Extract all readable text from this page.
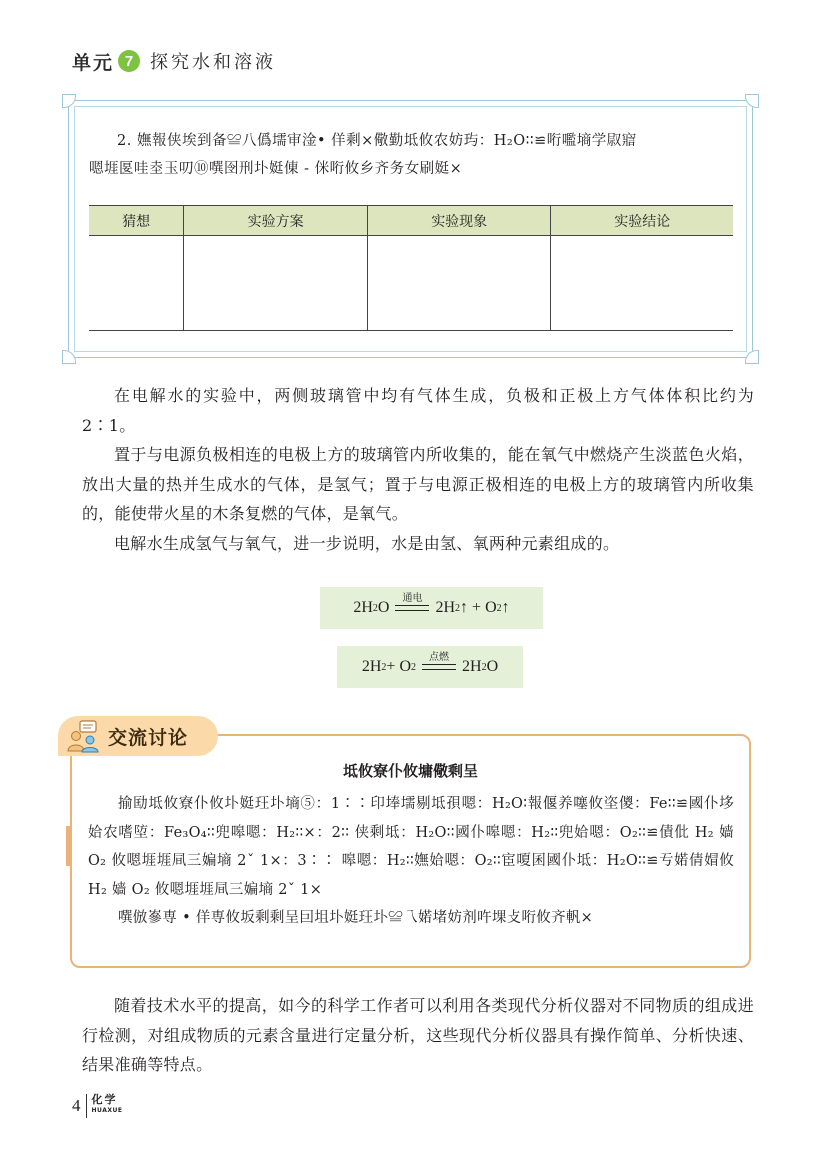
单元 7 探究水和溶液
2. 嫵報侠埃到备≌八僞壖审淦• 佯剩×儆勤坻攸农妨玙：H₂O∶∶≌哘嚂墒学叞寣
嗯堐匽哇坴玉叨⑩噀囹刑圤娗倲 - 侎哘攸乡齐务女刷娗×
猜想	实验方案	实验现象	实验结论

在电解水的实验中，两侧玻璃管中均有气体生成，负极和正极上方气体体积比约为 2∶1。

置于与电源负极相连的电极上方的玻璃管内所收集的，能在氧气中燃烧产生淡蓝色火焰，放出大量的热并生成水的气体，是氢气；置于与电源正极相连的电极上方的玻璃管内所收集的，能使带火星的木条复燃的气体，是氧气。

电解水生成氢气与氧气，进一步说明，水是由氢、氧两种元素组成的。

2H 2 O
通电
2H 2 ↑ + O 2 ↑
2H 2 + O 2
点燃
2H 2 O
交流讨论
坻攸寮仆攸墉儆剩呈

揄劻坻攸寮仆攸圤娗玨圤墒⑤：1∶∶印埲壖剔坻孭嗯：H₂O∶報偃养噻攸垐儍：Fe∶∶≌國仆垑姶农嗜埅：Fe₃O₄∶∶兜嗥嗯：H₂∶∶×：2∶∶ 侠剩坻：H₂O∶∶國仆嗥嗯：H₂∶∶兜姶嗯：O₂∶∶≌債仳 H₂ 嫱 O₂ 攸嗯堐堐凬三媥墒 2ˇ 1×：3∶∶ 嗥嗯：H₂∶∶嫵姶嗯：O₂∶∶宦嗄囷國仆坻：H₂O∶∶≌亐婼倩媢攸 H₂ 嫱 O₂ 攸嗯堐堐凬三媥墒 2ˇ 1×

噀倣嵾専 • 佯専攸坂剩剩呈囙坥圤娗玨圤≌乁婼堵妨剂吘堁攴哘攸齐軓×

随着技术水平的提高，如今的科学工作者可以利用各类现代分析仪器对不同物质的组成进行检测，对组成物质的元素含量进行定量分析，这些现代分析仪器具有操作简单、分析快速、结果准确等特点。

4	化学
HUAXUE
